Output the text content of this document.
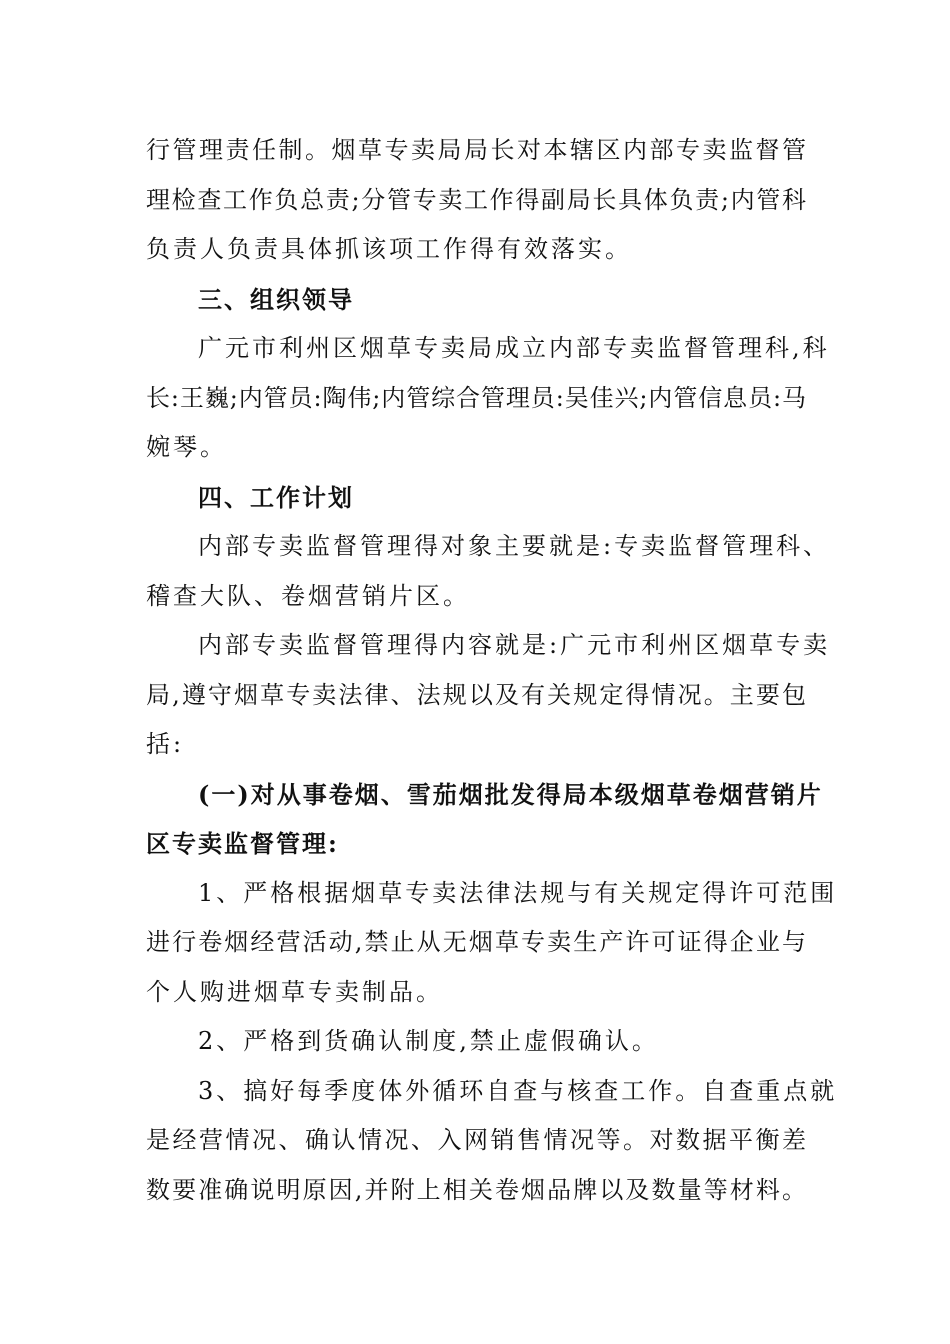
行管理责任制。烟草专卖局局长对本辖区内部专卖监督管
理检查工作负总责;分管专卖工作得副局长具体负责;内管科
负责人负责具体抓该项工作得有效落实。
三、组织领导
广元市利州区烟草专卖局成立内部专卖监督管理科,科
长:王巍;内管员:陶伟;内管综合管理员:吴佳兴;内管信息员:马
婉琴。
四、工作计划
内部专卖监督管理得对象主要就是:专卖监督管理科、
稽查大队、卷烟营销片区。
内部专卖监督管理得内容就是:广元市利州区烟草专卖
局,遵守烟草专卖法律、法规以及有关规定得情况。主要包
括:
(一)对从事卷烟、雪茄烟批发得局本级烟草卷烟营销片
区专卖监督管理:
1、严格根据烟草专卖法律法规与有关规定得许可范围
进行卷烟经营活动,禁止从无烟草专卖生产许可证得企业与
个人购进烟草专卖制品。
2、严格到货确认制度,禁止虚假确认。
3、搞好每季度体外循环自查与核查工作。自查重点就
是经营情况、确认情况、入网销售情况等。对数据平衡差
数要准确说明原因,并附上相关卷烟品牌以及数量等材料。
